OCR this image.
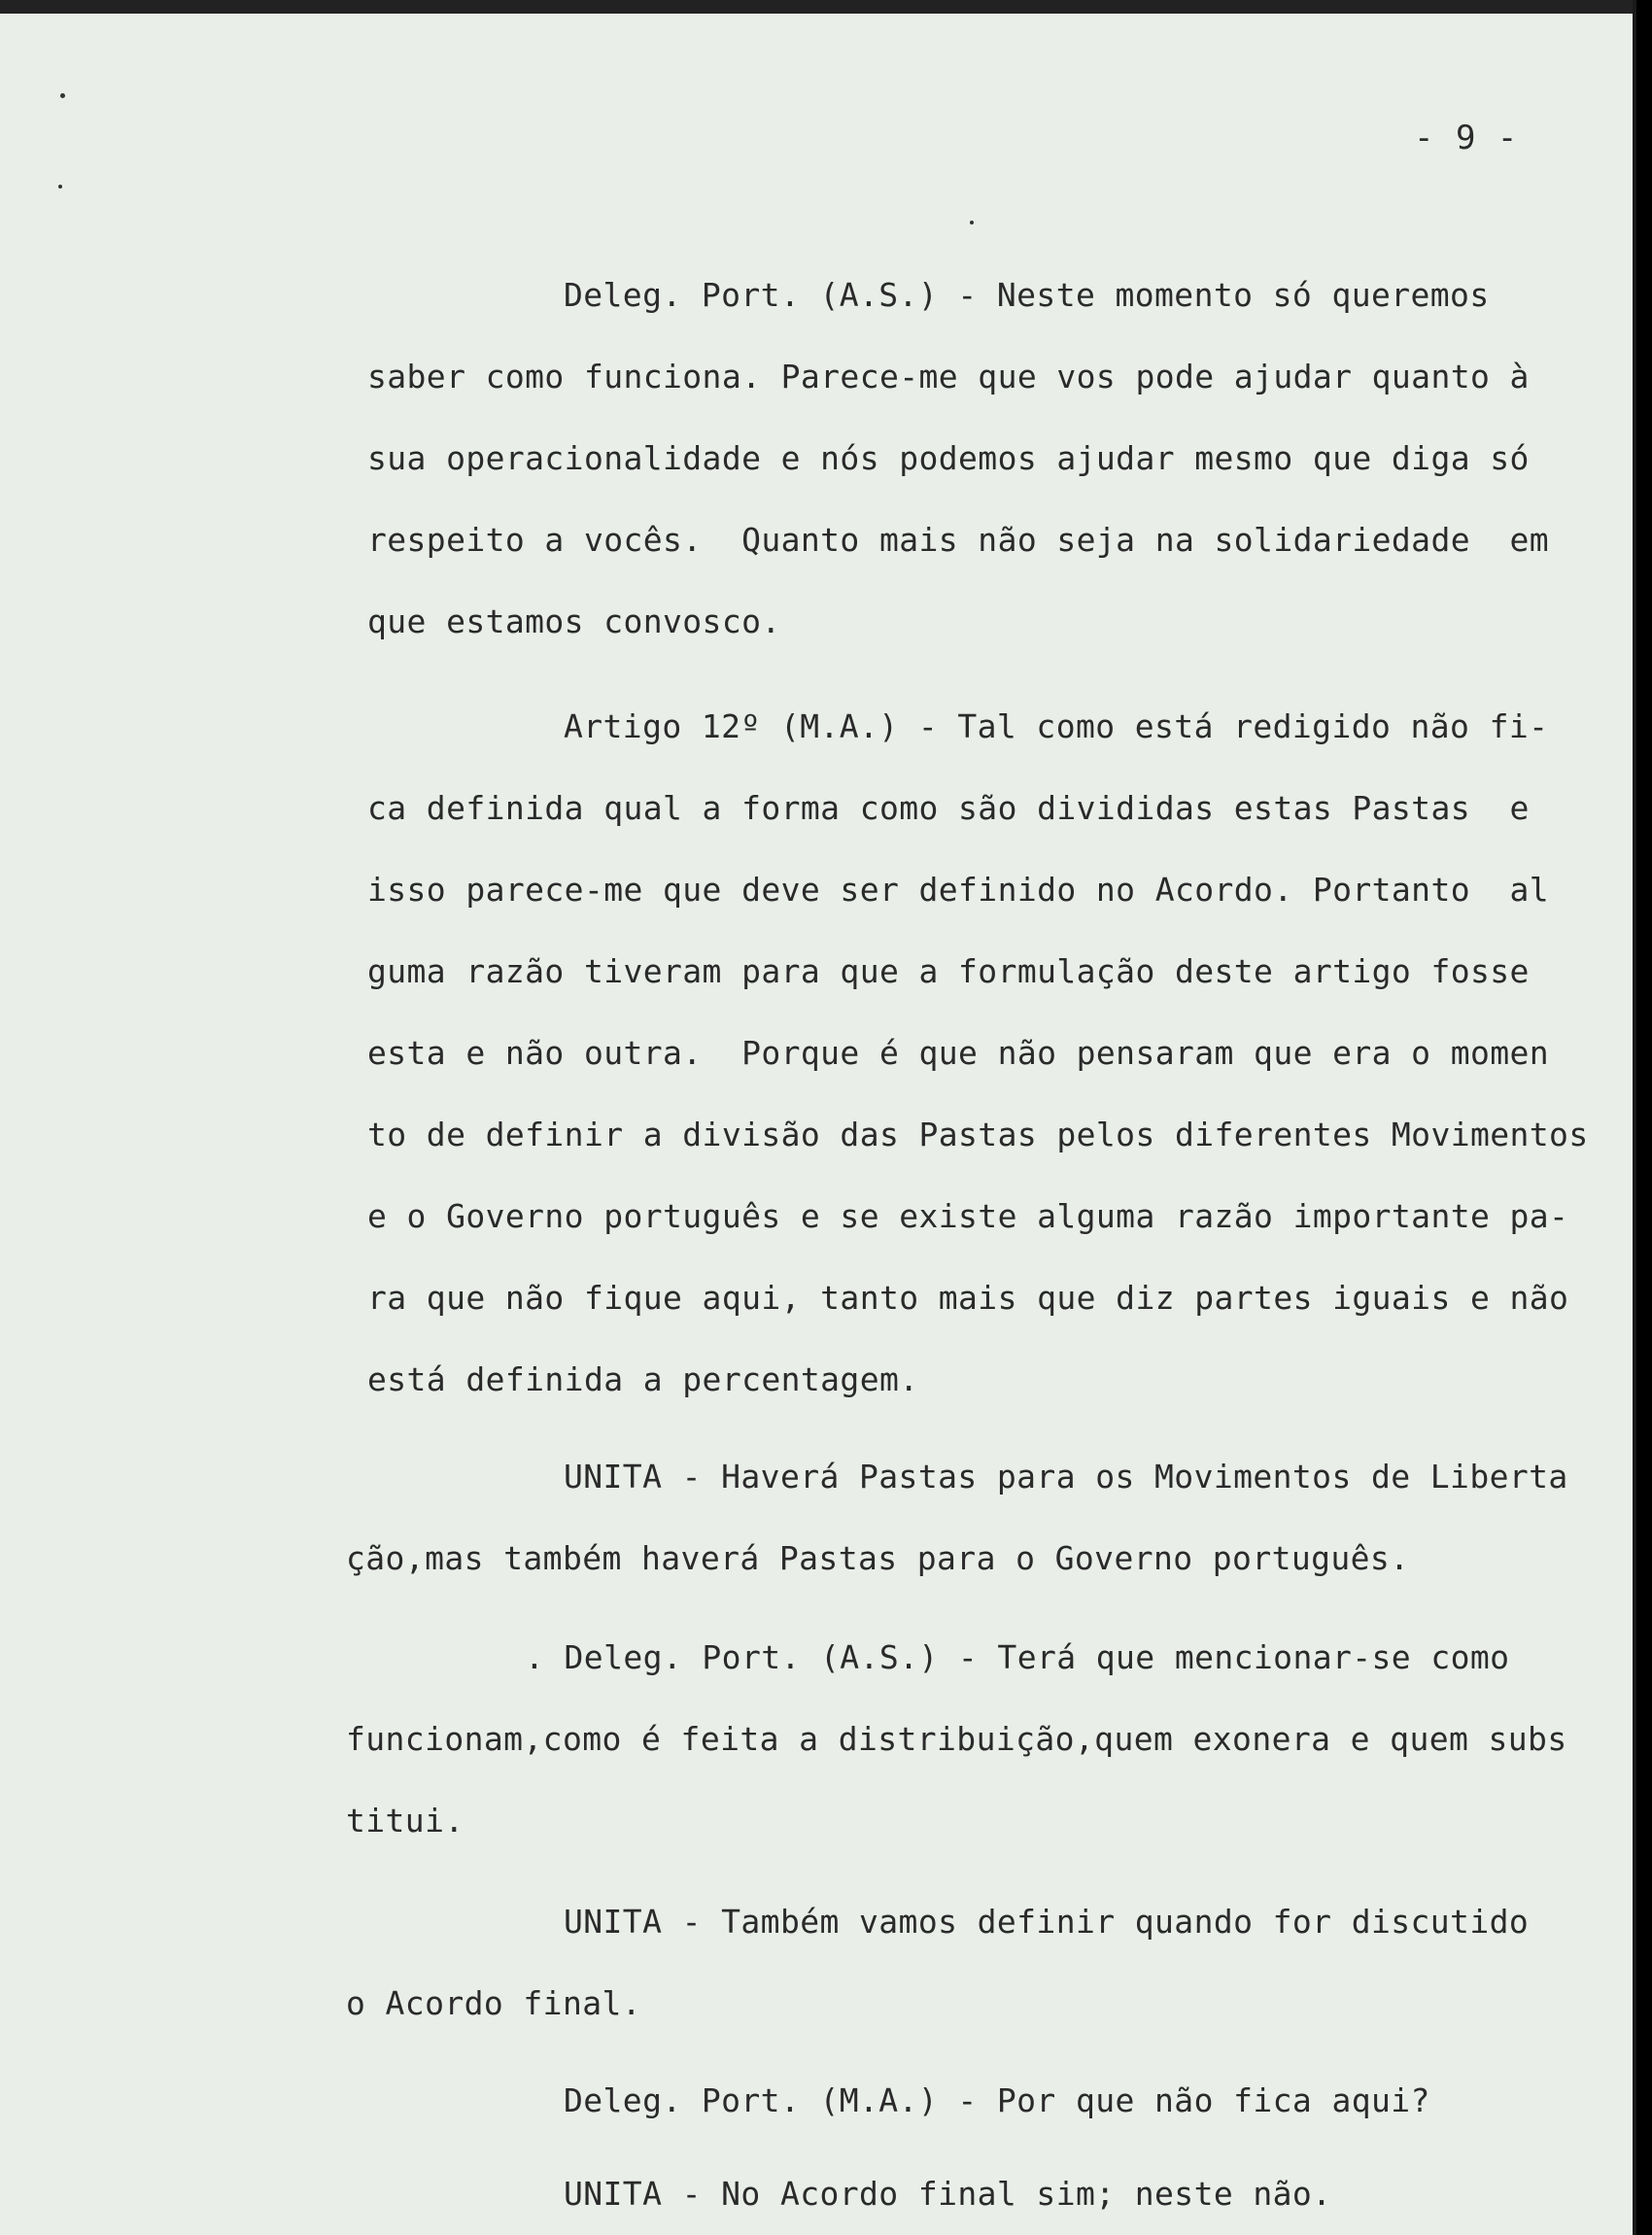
- 9 -
Deleg. Port. (A.S.) - Neste momento só queremos
saber como funciona. Parece-me que vos pode ajudar quanto à
sua operacionalidade e nós podemos ajudar mesmo que diga só
respeito a vocês.  Quanto mais não seja na solidariedade  em
que estamos convosco.
Artigo 12º (M.A.) - Tal como está redigido não fi-
ca definida qual a forma como são divididas estas Pastas  e
isso parece-me que deve ser definido no Acordo. Portanto  al
guma razão tiveram para que a formulação deste artigo fosse
esta e não outra.  Porque é que não pensaram que era o momen
to de definir a divisão das Pastas pelos diferentes Movimentos
e o Governo português e se existe alguma razão importante pa-
ra que não fique aqui, tanto mais que diz partes iguais e não
está definida a percentagem.
UNITA - Haverá Pastas para os Movimentos de Liberta
ção,mas também haverá Pastas para o Governo português.
. Deleg. Port. (A.S.) - Terá que mencionar-se como
funcionam,como é feita a distribuição,quem exonera e quem subs
titui.
UNITA - Também vamos definir quando for discutido
o Acordo final.
Deleg. Port. (M.A.) - Por que não fica aqui?
UNITA - No Acordo final sim; neste não.
